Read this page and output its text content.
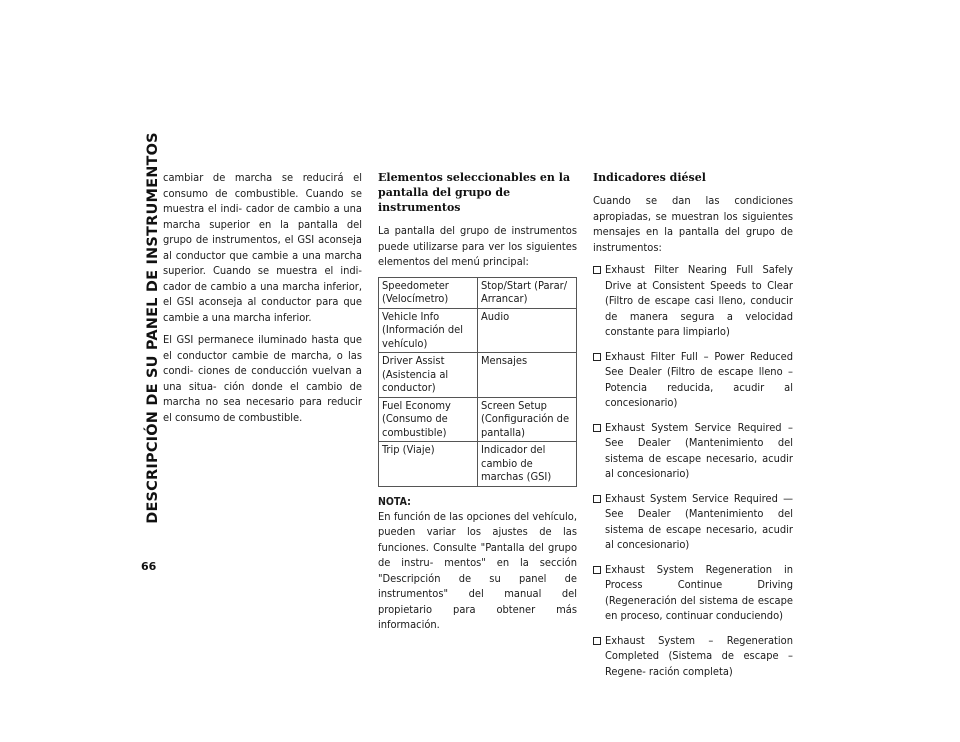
DESCRIPCIÓN DE SU PANEL DE INSTRUMENTOS
66

cambiar de marcha se reducirá el consumo de combustible. Cuando se muestra el indi- cador de cambio a una marcha superior en la pantalla del grupo de instrumentos, el GSI aconseja al conductor que cambie a una marcha superior. Cuando se muestra el indi- cador de cambio a una marcha inferior, el GSI aconseja al conductor para que cambie a una marcha inferior.

El GSI permanece iluminado hasta que el conductor cambie de marcha, o las condi- ciones de conducción vuelvan a una situa- ción donde el cambio de marcha no sea necesario para reducir el consumo de combustible.

Elementos seleccionables en la pantalla del grupo de instrumentos

La pantalla del grupo de instrumentos puede utilizarse para ver los siguientes elementos del menú principal:

Speedometer (Velocímetro)	Stop/Start (Parar/ Arrancar)
Vehicle Info (Información del vehículo)	Audio
Driver Assist (Asistencia al conductor)	Mensajes
Fuel Economy (Consumo de combustible)	Screen Setup (Configuración de pantalla)
Trip (Viaje)	Indicador del cambio de marchas (GSI)
NOTA:

En función de las opciones del vehículo, pueden variar los ajustes de las funciones. Consulte "Pantalla del grupo de instru- mentos" en la sección "Descripción de su panel de instrumentos" del manual del propietario para obtener más información.

Indicadores diésel

Cuando se dan las condiciones apropiadas, se muestran los siguientes mensajes en la pantalla del grupo de instrumentos:

Exhaust Filter Nearing Full Safely Drive at Consistent Speeds to Clear (Filtro de escape casi lleno, conducir de manera segura a velocidad constante para limpiarlo)
Exhaust Filter Full – Power Reduced See Dealer (Filtro de escape lleno – Potencia reducida, acudir al concesionario)
Exhaust System Service Required – See Dealer (Mantenimiento del sistema de escape necesario, acudir al concesionario)
Exhaust System Service Required — See Dealer (Mantenimiento del sistema de escape necesario, acudir al concesionario)
Exhaust System Regeneration in Process Continue Driving (Regeneración del sistema de escape en proceso, continuar conduciendo)
Exhaust System – Regeneration Completed (Sistema de escape – Regene- ración completa)
